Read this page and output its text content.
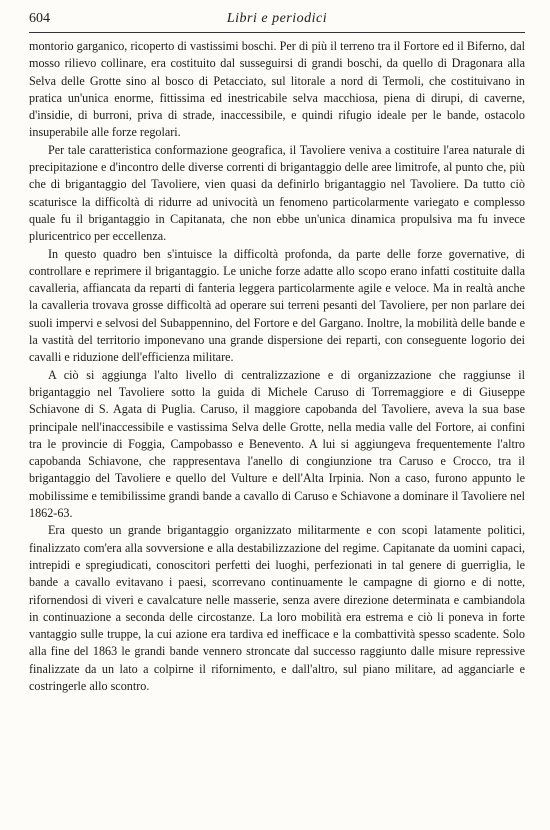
604	Libri e periodici

montorio garganico, ricoperto di vastissimi boschi. Per di più il terreno tra il Fortore ed il Biferno, dal mosso rilievo collinare, era costituito dal susseguirsi di grandi boschi, da quello di Dragonara alla Selva delle Grotte sino al bosco di Petacciato, sul litorale a nord di Termoli, che costituivano in pratica un'unica enorme, fittissima ed inestricabile selva macchiosa, piena di dirupi, di caverne, d'insidie, di burroni, priva di strade, inaccessibile, e quindi rifugio ideale per le bande, ostacolo insuperabile alle forze regolari.

Per tale caratteristica conformazione geografica, il Tavoliere veniva a costituire l'area naturale di precipitazione e d'incontro delle diverse correnti di brigantaggio delle aree limitrofe, al punto che, più che di brigantaggio del Tavoliere, vien quasi da definirlo brigantaggio nel Tavoliere. Da tutto ciò scaturisce la difficoltà di ridurre ad univocità un fenomeno particolarmente variegato e complesso quale fu il brigantaggio in Capitanata, che non ebbe un'unica dinamica propulsiva ma fu invece pluricentrico per eccellenza.

In questo quadro ben s'intuisce la difficoltà profonda, da parte delle forze governative, di controllare e reprimere il brigantaggio. Le uniche forze adatte allo scopo erano infatti costituite dalla cavalleria, affiancata da reparti di fanteria leggera particolarmente agile e veloce. Ma in realtà anche la cavalleria trovava grosse difficoltà ad operare sui terreni pesanti del Tavoliere, per non parlare dei suoli impervi e selvosi del Subappennino, del Fortore e del Gargano. Inoltre, la mobilità delle bande e la vastità del territorio imponevano una grande dispersione dei reparti, con conseguente logorio dei cavalli e riduzione dell'efficienza militare.

A ciò si aggiunga l'alto livello di centralizzazione e di organizzazione che raggiunse il brigantaggio nel Tavoliere sotto la guida di Michele Caruso di Torremaggiore e di Giuseppe Schiavone di S. Agata di Puglia. Caruso, il maggiore capobanda del Tavoliere, aveva la sua base principale nell'inaccessibile e vastissima Selva delle Grotte, nella media valle del Fortore, ai confini tra le provincie di Foggia, Campobasso e Benevento. A lui si aggiungeva frequentemente l'altro capobanda Schiavone, che rappresentava l'anello di congiunzione tra Caruso e Crocco, tra il brigantaggio del Tavoliere e quello del Vulture e dell'Alta Irpinia. Non a caso, furono appunto le mobilissime e temibilissime grandi bande a cavallo di Caruso e Schiavone a dominare il Tavoliere nel 1862-63.

Era questo un grande brigantaggio organizzato militarmente e con scopi latamente politici, finalizzato com'era alla sovversione e alla destabilizzazione del regime. Capitanate da uomini capaci, intrepidi e spregiudicati, conoscitori perfetti dei luoghi, perfezionati in tal genere di guerriglia, le bande a cavallo evitavano i paesi, scorrevano continuamente le campagne di giorno e di notte, rifornendosi di viveri e cavalcature nelle masserie, senza avere direzione determinata e cambiandola in continuazione a seconda delle circostanze. La loro mobilità era estrema e ciò li poneva in forte vantaggio sulle truppe, la cui azione era tardiva ed inefficace e la combattività spesso scadente. Solo alla fine del 1863 le grandi bande vennero stroncate dal successo raggiunto dalle misure repressive finalizzate da un lato a colpirne il rifornimento, e dall'altro, sul piano militare, ad agganciarle e costringerle allo scontro.
